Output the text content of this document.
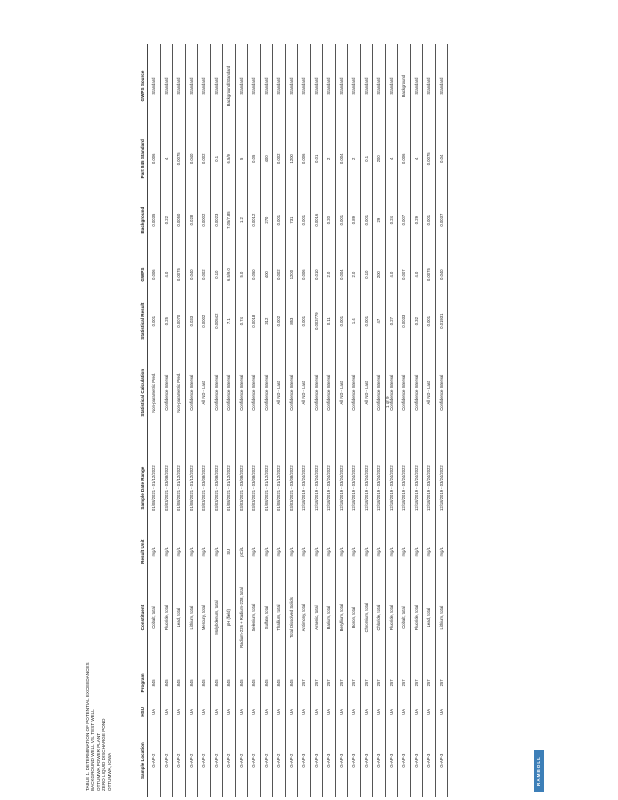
RAMBOLL
TABLE 1. DETERMINATION OF POTENTIAL EXCEEDANCES BACKGROUND WELL VS. TEST WELL OTTUMWA POWER PLANT ZERO LIQUID DISCHARGE POND OTTUMWA, IOWA	Sample Location	HSU	Program	Constituent	Result Unit	Sample Date Range	Statistical Calculation	Statistical Result	GWPS	Background	Part 845 Standard	GWPS Source
G-AP-2	UA	845	Cobalt, total	mg/L	01/08/2021 - 01/12/2022	Non-parametric Pred.	0.001	0.006	0.0035	0.006	Standard
G-AP-2	UA	845	Fluoride, total	mg/L	03/03/2021 - 03/08/2022	Confidence Interval	0.25	4.0	0.22	4	Standard
G-AP-2	UA	845	Lead, total	mg/L	01/08/2021 - 01/12/2022	Non-parametric Pred.	0.0070	0.0075	0.0050	0.0075	Standard
G-AP-2	UA	845	Lithium, total	mg/L	01/08/2021 - 01/12/2022	Confidence Interval	0.033	0.040	0.028	0.040	Standard
G-AP-2	UA	845	Mercury, total	mg/L	03/03/2021 - 03/08/2022	All ND - Last	0.0002	0.002	0.0002	0.002	Standard
G-AP-2	UA	845	Molybdenum, total	mg/L	03/03/2021 - 03/08/2022	Confidence Interval	0.00542	0.10	0.0023	0.1	Standard
G-AP-2	UA	845	pH (field)	SU	01/08/2021 - 01/12/2022	Confidence Interval	7.1	6.5/9.0	7.05/7.85	6.5/9	Background/Standard
G-AP-2	UA	845	Radium-226 + Radium-228, total	pCi/L	03/03/2021 - 03/08/2022	Confidence Interval	0.74	5.0	1.2	5	Standard
G-AP-2	UA	845	Selenium, total	mg/L	03/03/2021 - 03/08/2022	Confidence Interval	0.0018	0.050	0.0012	0.05	Standard
G-AP-2	UA	845	Sulfate, total	mg/L	01/08/2021 - 01/12/2022	Confidence Interval	312	400	270	400	Standard
G-AP-2	UA	845	Thallium, total	mg/L	01/08/2021 - 01/12/2022	All ND - Last	0.002	0.002	0.001	0.002	Standard
G-AP-2	UA	845	Total Dissolved Solids	mg/L	03/03/2021 - 03/08/2022	Confidence Interval	853	1200	731	1200	Standard
G-AP-3	UA	257	Antimony, total	mg/L	12/18/2019 - 03/24/2022	All ND - Last	0.001	0.006	0.001	0.006	Standard
G-AP-3	UA	257	Arsenic, total	mg/L	12/18/2019 - 03/24/2022	Confidence Interval	0.003779	0.010	0.0016	0.01	Standard
G-AP-3	UA	257	Barium, total	mg/L	12/18/2019 - 03/24/2022	Confidence Interval	0.11	2.0	0.20	2	Standard
G-AP-3	UA	257	Beryllium, total	mg/L	12/18/2019 - 03/24/2022	All ND - Last	0.001	0.004	0.001	0.004	Standard
G-AP-3	UA	257	Boron, total	mg/L	12/18/2019 - 03/24/2022	Confidence Interval	1.4	2.0	0.89	2	Standard
G-AP-3	UA	257	Chromium, total	mg/L	12/18/2019 - 03/24/2022	All ND - Last	0.001	0.10	0.001	0.1	Standard
G-AP-3	UA	257	Chloride, total	mg/L	12/18/2019 - 03/24/2022	Confidence Interval	47	200	29	200	Standard
G-AP-3	UA	257	Fluoride, total	mg/L	12/18/2019 - 03/24/2022	Confidence Interval	0.27	4.0	0.24	4	Standard
G-AP-3	UA	257	Cobalt, total	mg/L	12/18/2019 - 03/24/2022	Confidence Interval	0.0033	0.007	0.007	0.006	Background
G-AP-3	UA	257	Fluoride, total	mg/L	12/18/2019 - 03/24/2022	Confidence Interval	0.32	4.0	0.29	4	Standard
G-AP-3	UA	257	Lead, total	mg/L	12/18/2019 - 03/24/2022	All ND - Last	0.001	0.0075	0.001	0.0075	Standard
G-AP-3	UA	257	Lithium, total	mg/L	12/18/2019 - 03/24/2022	Confidence Interval	0.01931	0.040	0.0037	0.04	Standard
1 of 9
